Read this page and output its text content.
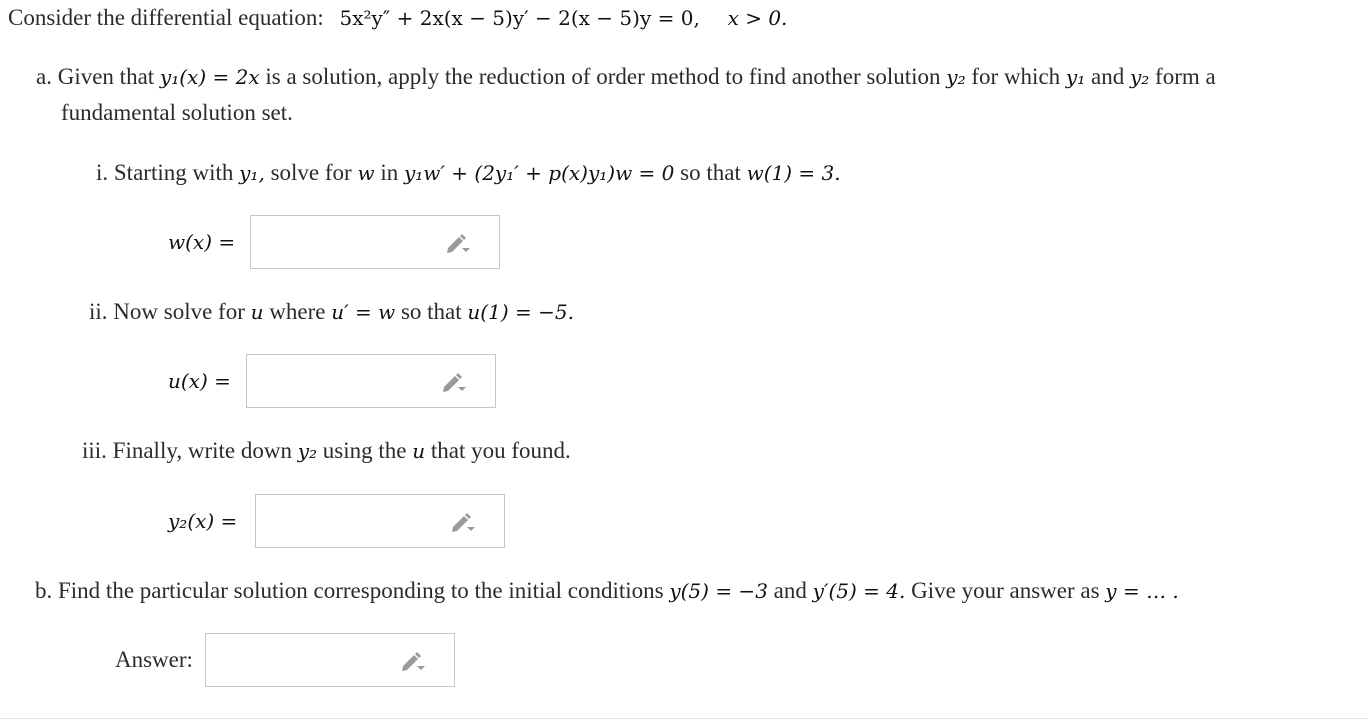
Consider the differential equation: 5x²y″ + 2x(x − 5)y′ − 2(x − 5)y = 0, x > 0.
a. Given that y₁(x) = 2x is a solution, apply the reduction of order method to find another solution y₂ for which y₁ and y₂ form a
fundamental solution set.
i. Starting with y₁, solve for w in y₁w′ + (2y₁′ + p(x)y₁)w = 0 so that w(1) = 3.
w(x) =
ii. Now solve for u where u′ = w so that u(1) = −5.
u(x) =
iii. Finally, write down y₂ using the u that you found.
y₂(x) =
b. Find the particular solution corresponding to the initial conditions y(5) = −3 and y′(5) = 4. Give your answer as y = … .
Answer:
